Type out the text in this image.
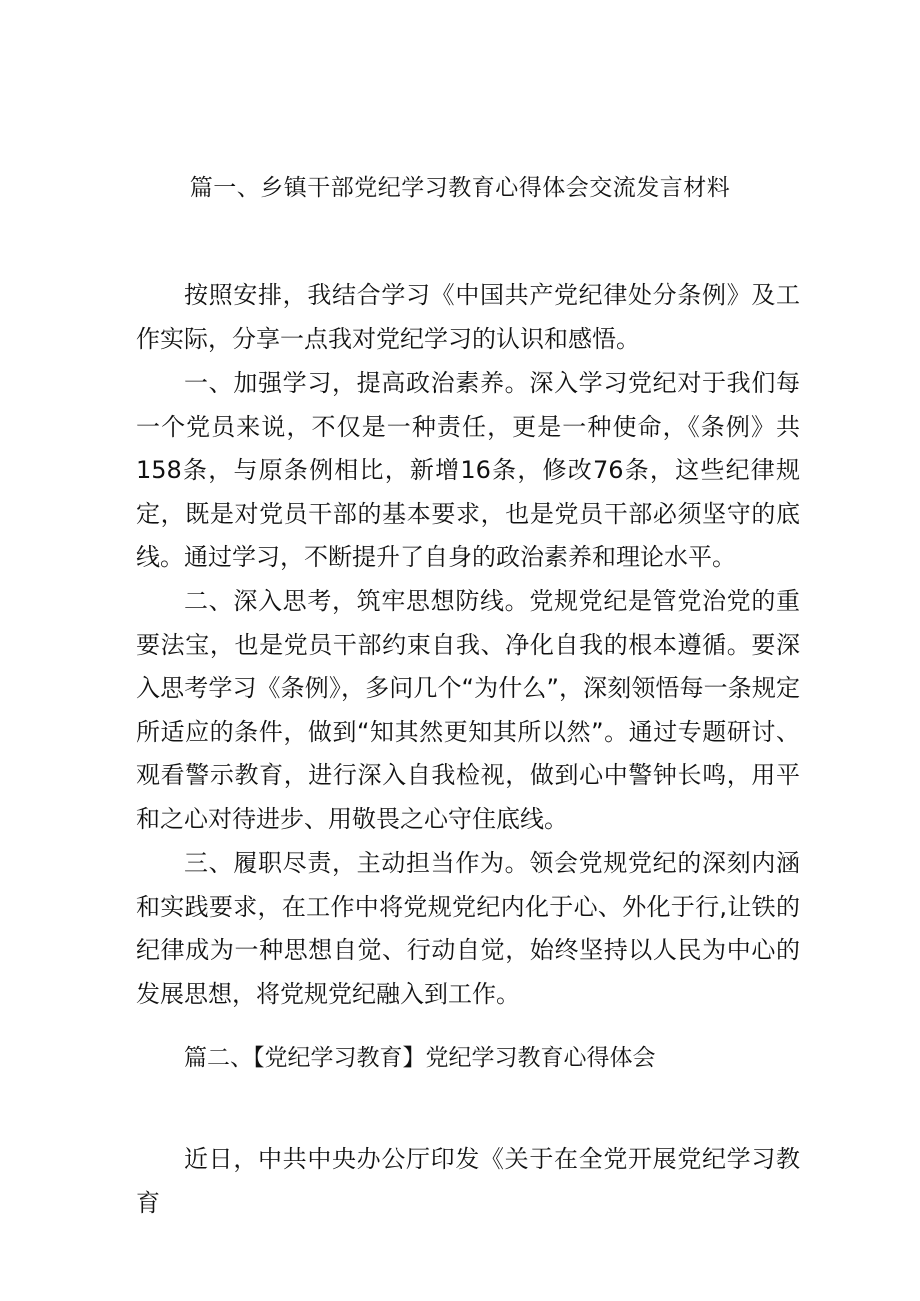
篇一、乡镇干部党纪学习教育心得体会交流发言材料

按照安排，我结合学习《中国共产党纪律处分条例》及工作实际，分享一点我对党纪学习的认识和感悟。

一、加强学习，提高政治素养。深入学习党纪对于我们每一个党员来说，不仅是一种责任，更是一种使命，《条例》共158条，与原条例相比，新增16条，修改76条，这些纪律规定，既是对党员干部的基本要求，也是党员干部必须坚守的底线。通过学习，不断提升了自身的政治素养和理论水平。

二、深入思考，筑牢思想防线。党规党纪是管党治党的重要法宝，也是党员干部约束自我、净化自我的根本遵循。要深入思考学习《条例》，多问几个“为什么”，深刻领悟每一条规定所适应的条件，做到“知其然更知其所以然”。通过专题研讨、观看警示教育，进行深入自我检视，做到心中警钟长鸣，用平和之心对待进步、用敬畏之心守住底线。

三、履职尽责，主动担当作为。领会党规党纪的深刻内涵和实践要求，在工作中将党规党纪内化于心、外化于行,让铁的纪律成为一种思想自觉、行动自觉，始终坚持以人民为中心的发展思想，将党规党纪融入到工作。

篇二、【党纪学习教育】党纪学习教育心得体会

近日，中共中央办公厅印发《关于在全党开展党纪学习教育
